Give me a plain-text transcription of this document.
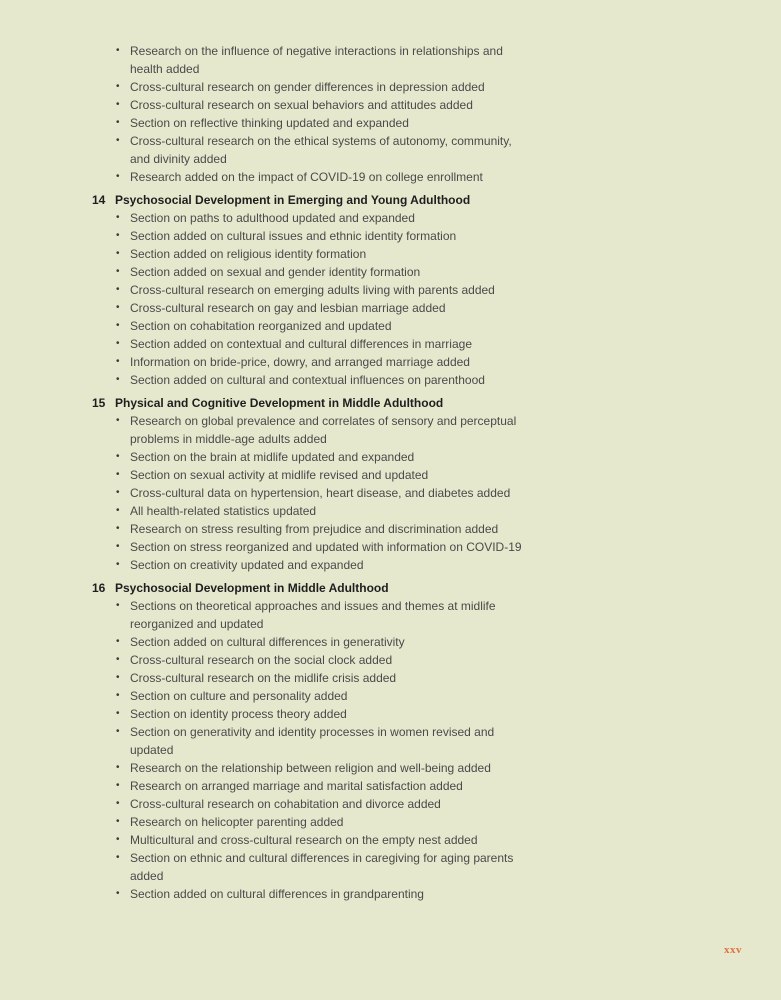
• Research on the influence of negative interactions in relationships and health added
• Cross-cultural research on gender differences in depression added
• Cross-cultural research on sexual behaviors and attitudes added
• Section on reflective thinking updated and expanded
• Cross-cultural research on the ethical systems of autonomy, community, and divinity added
• Research added on the impact of COVID-19 on college enrollment
14 Psychosocial Development in Emerging and Young Adulthood
• Section on paths to adulthood updated and expanded
• Section added on cultural issues and ethnic identity formation
• Section added on religious identity formation
• Section added on sexual and gender identity formation
• Cross-cultural research on emerging adults living with parents added
• Cross-cultural research on gay and lesbian marriage added
• Section on cohabitation reorganized and updated
• Section added on contextual and cultural differences in marriage
• Information on bride-price, dowry, and arranged marriage added
• Section added on cultural and contextual influences on parenthood
15 Physical and Cognitive Development in Middle Adulthood
• Research on global prevalence and correlates of sensory and perceptual problems in middle-age adults added
• Section on the brain at midlife updated and expanded
• Section on sexual activity at midlife revised and updated
• Cross-cultural data on hypertension, heart disease, and diabetes added
• All health-related statistics updated
• Research on stress resulting from prejudice and discrimination added
• Section on stress reorganized and updated with information on COVID-19
• Section on creativity updated and expanded
16 Psychosocial Development in Middle Adulthood
• Sections on theoretical approaches and issues and themes at midlife reorganized and updated
• Section added on cultural differences in generativity
• Cross-cultural research on the social clock added
• Cross-cultural research on the midlife crisis added
• Section on culture and personality added
• Section on identity process theory added
• Section on generativity and identity processes in women revised and updated
• Research on the relationship between religion and well-being added
• Research on arranged marriage and marital satisfaction added
• Cross-cultural research on cohabitation and divorce added
• Research on helicopter parenting added
• Multicultural and cross-cultural research on the empty nest added
• Section on ethnic and cultural differences in caregiving for aging parents added
• Section added on cultural differences in grandparenting
xxv
